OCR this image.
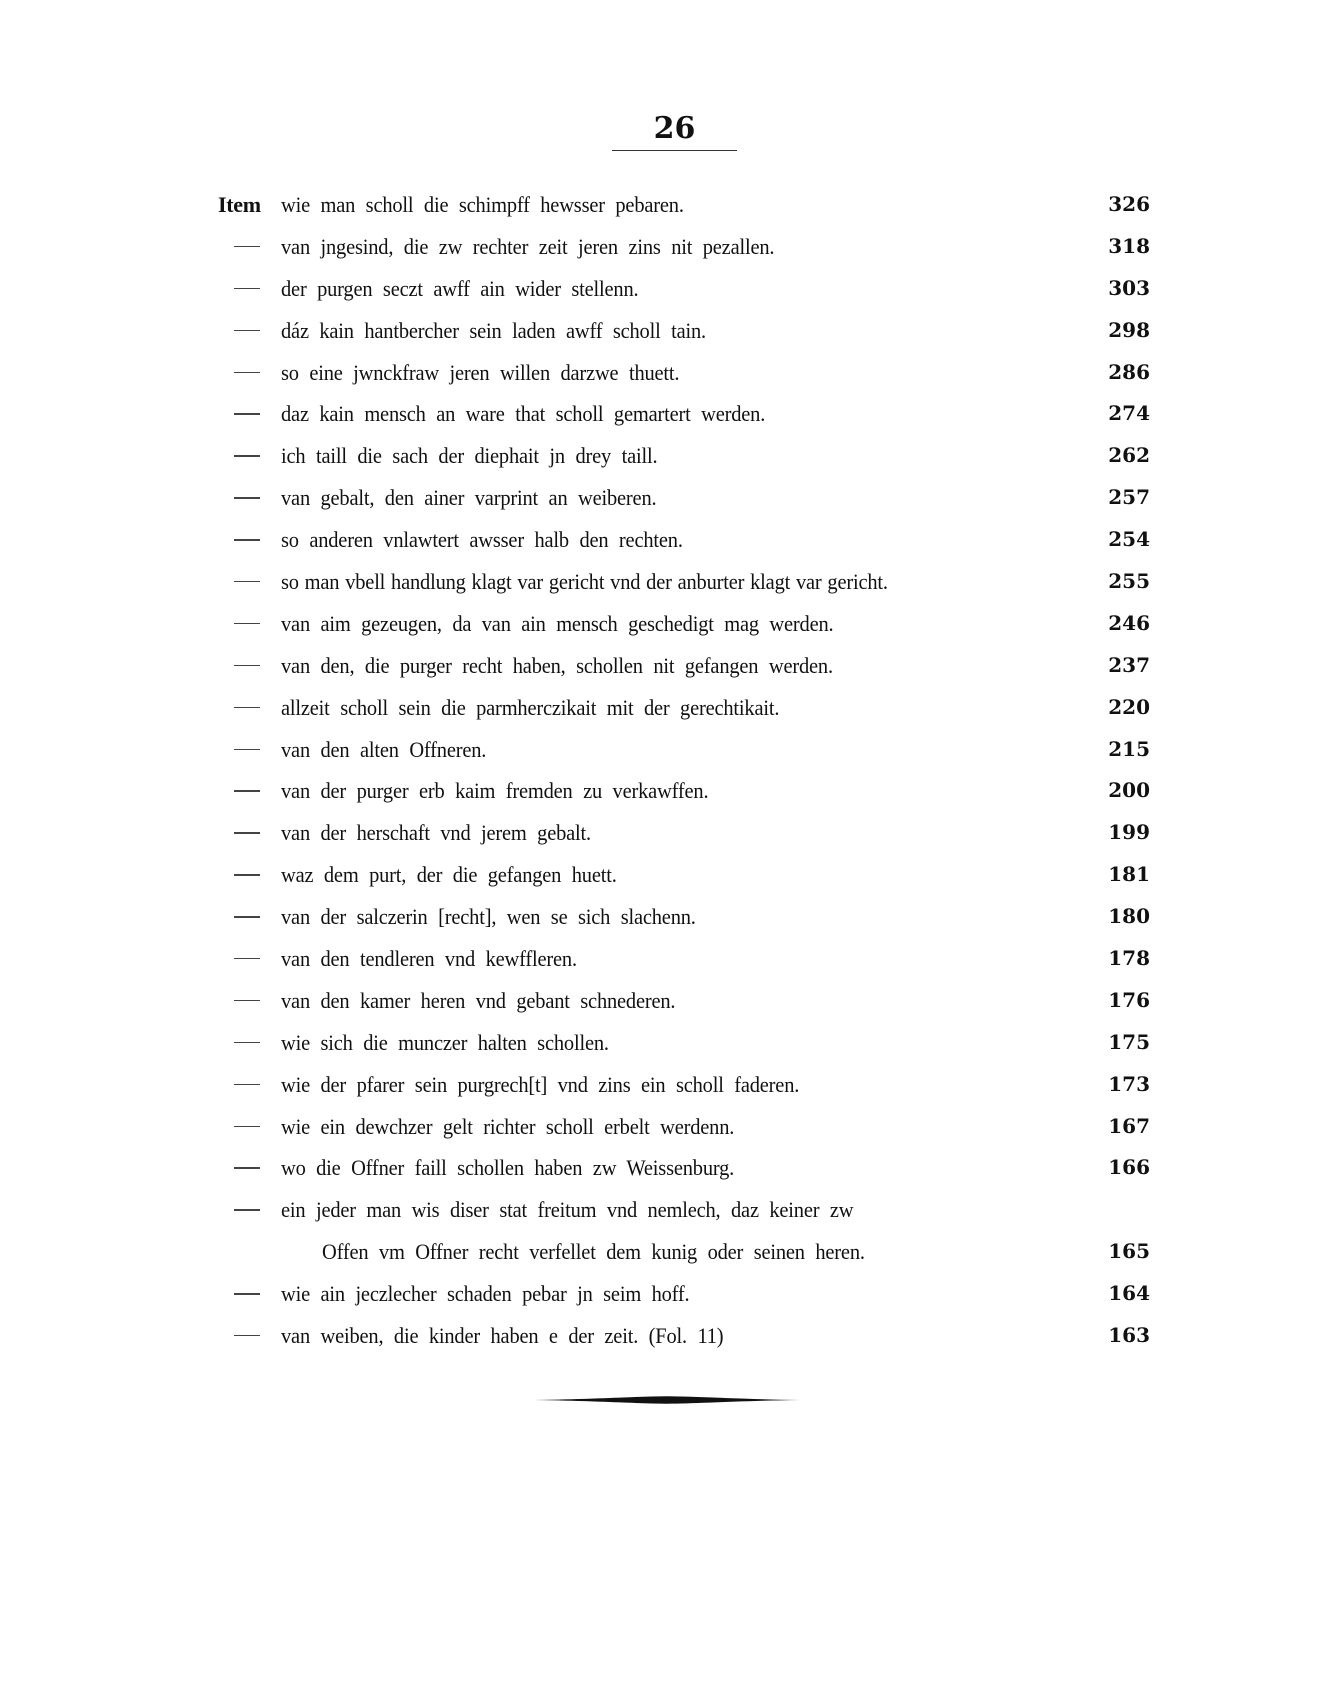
26
Item wie man scholl die schimpff hewsser pebaren.	326
van jngesind, die zw rechter zeit jeren zins nit pezallen.	318
der purgen seczt awff ain wider stellenn.	303
dáz kain hantbercher sein laden awff scholl tain.	298
so eine jwnckfraw jeren willen darzwe thuett.	286
daz kain mensch an ware that scholl gemartert werden.	274
ich taill die sach der diephait jn drey taill.	262
van gebalt, den ainer varprint an weiberen.	257
so anderen vnlawtert awsser halb den rechten.	254
so man vbell handlung klagt var gericht vnd der anburter klagt var gericht.	255
van aim gezeugen, da van ain mensch geschedigt mag werden.	246
van den, die purger recht haben, schollen nit gefangen werden.	237
allzeit scholl sein die parmherczikait mit der gerechtikait.	220
van den alten Offneren.	215
van der purger erb kaim fremden zu verkawffen.	200
van der herschaft vnd jerem gebalt.	199
waz dem purt, der die gefangen huett.	181
van der salczerin [recht], wen se sich slachenn.	180
van den tendleren vnd kewffleren.	178
van den kamer heren vnd gebant schnederen.	176
wie sich die munczer halten schollen.	175
wie der pfarer sein purgrech[t] vnd zins ein scholl faderen.	173
wie ein dewchzer gelt richter scholl erbelt werdenn.	167
wo die Offner faill schollen haben zw Weissenburg.	166
ein jeder man wis diser stat freitum vnd nemlech, daz keiner zw
Offen vm Offner recht verfellet dem kunig oder seinen heren.	165
wie ain jeczlecher schaden pebar jn seim hoff.	164
van weiben, die kinder haben e der zeit. (Fol. 11)	163
